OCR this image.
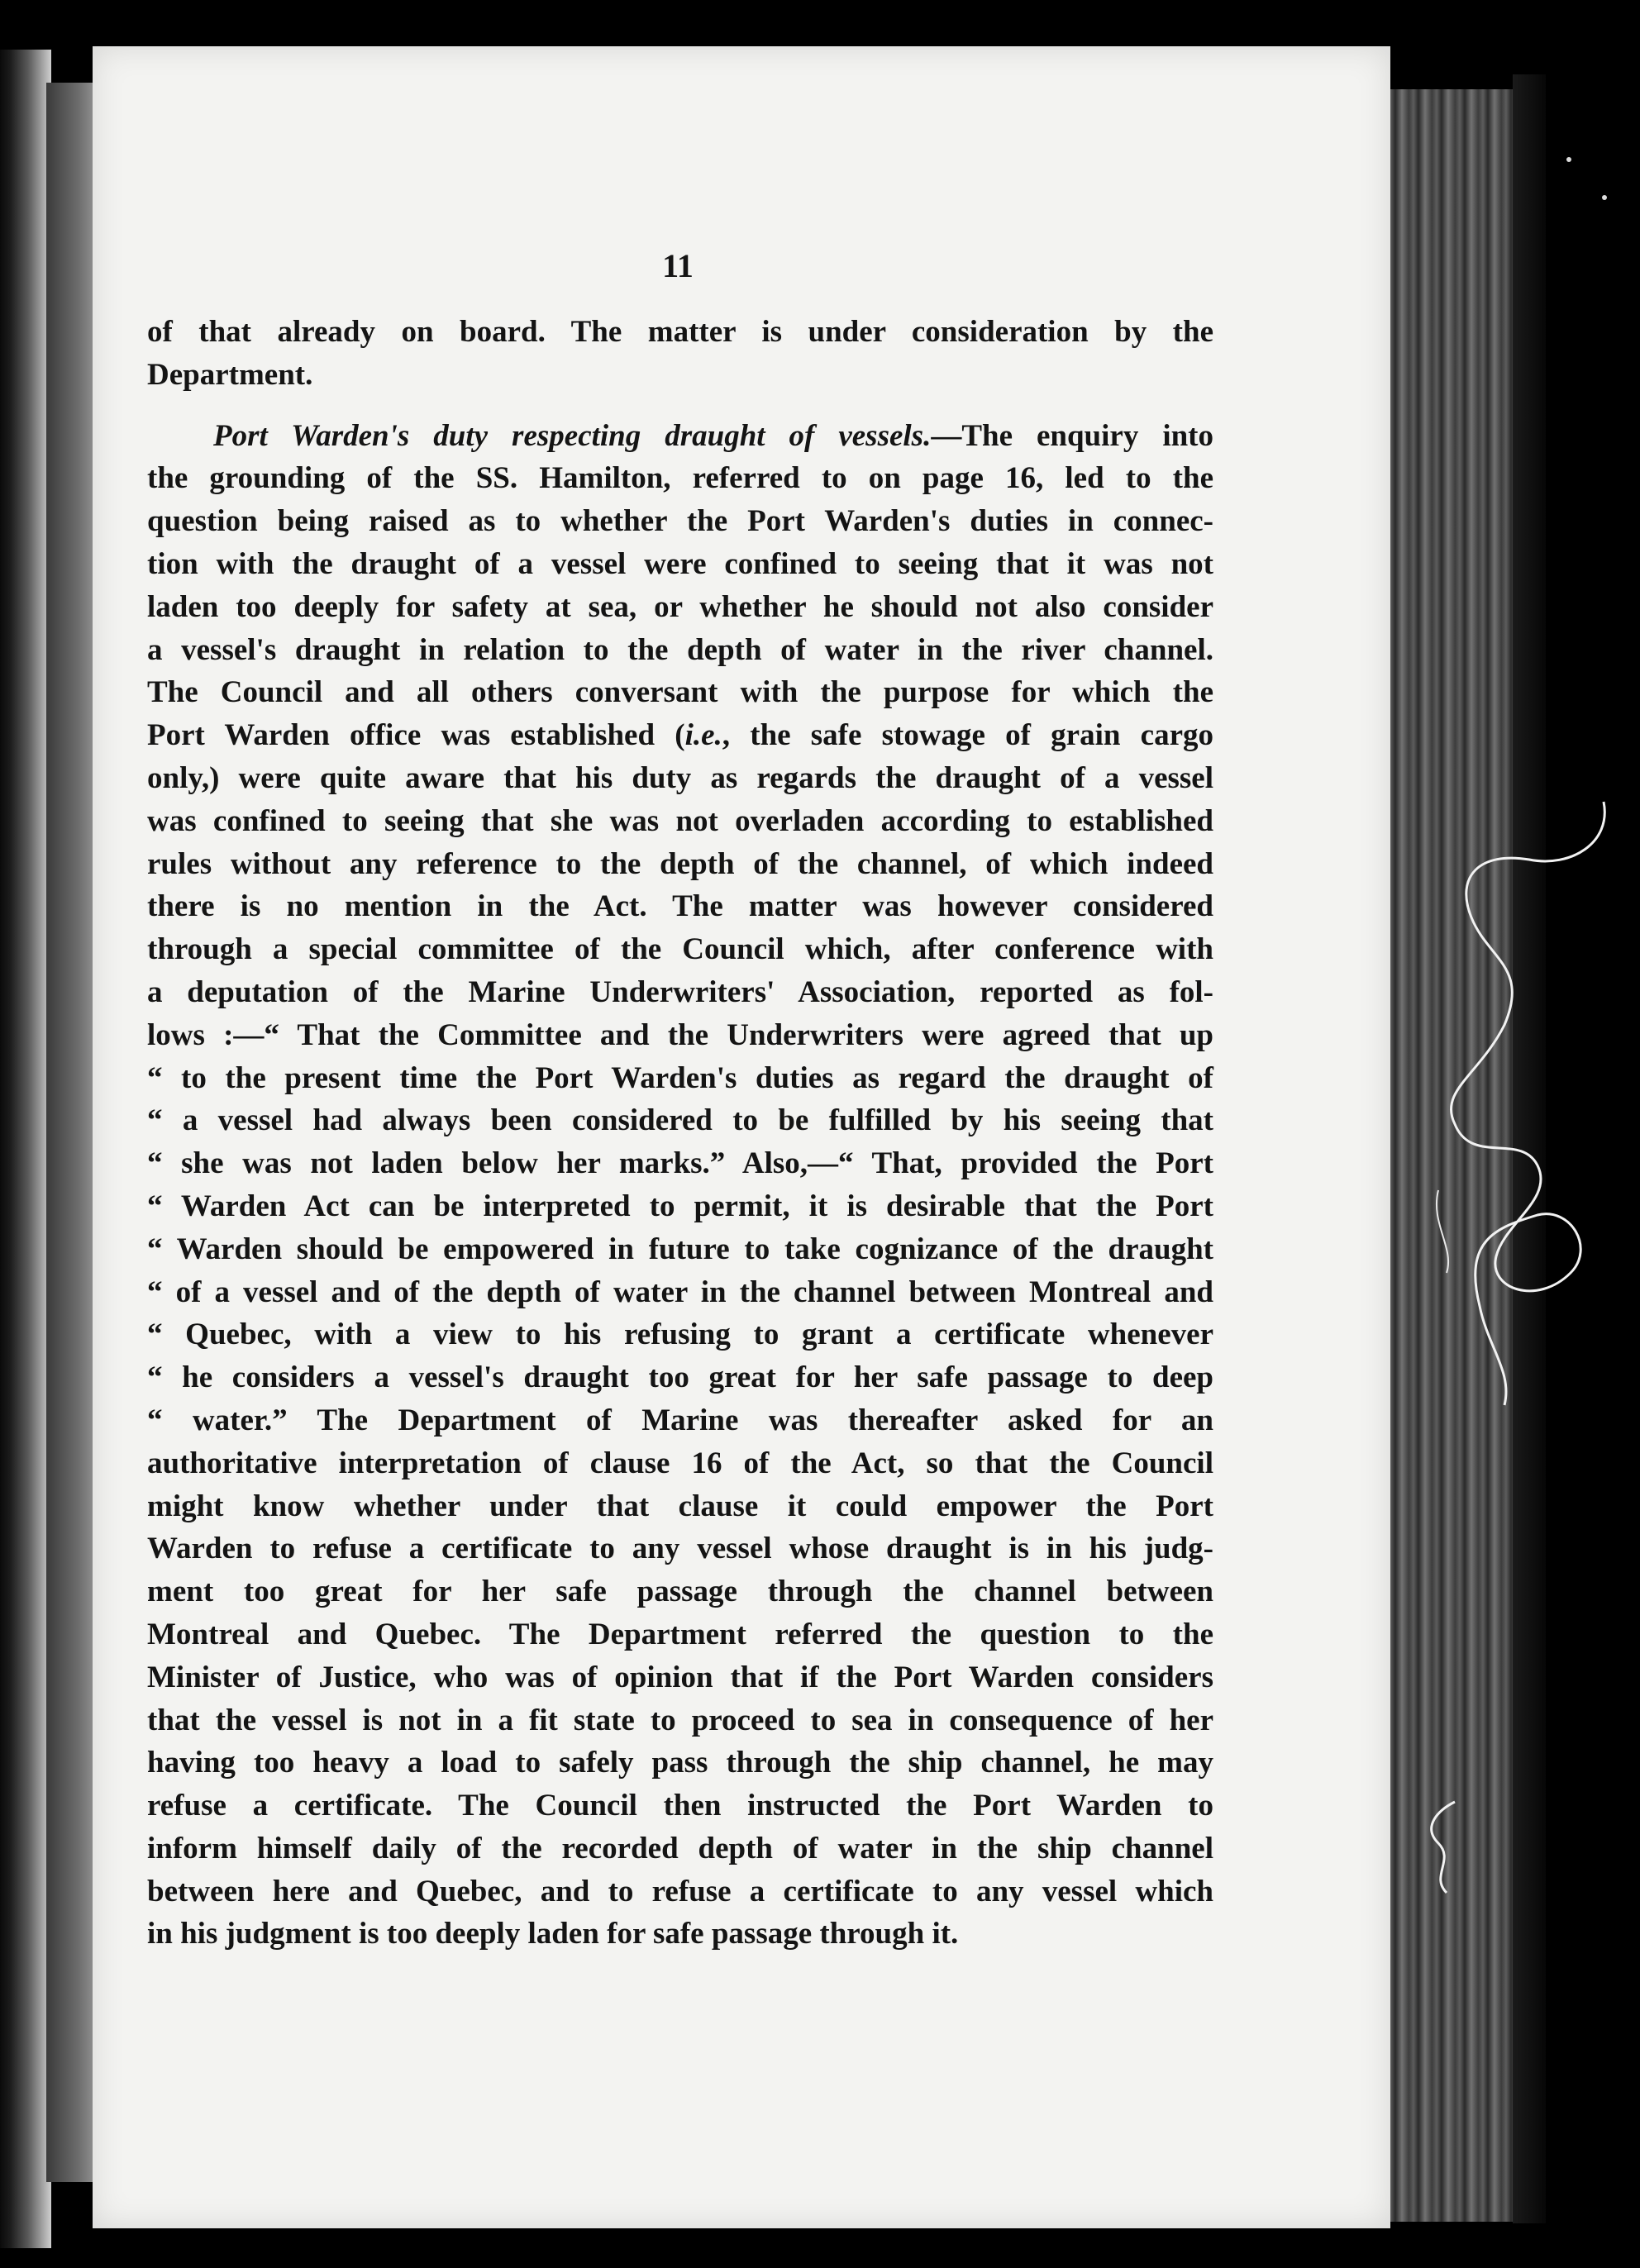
11
of that already on board. The matter is under consideration by the
Department.
Port Warden's duty respecting draught of vessels.—The enquiry into
the grounding of the SS. Hamilton, referred to on page 16, led to the
question being raised as to whether the Port Warden's duties in connec-
tion with the draught of a vessel were confined to seeing that it was not
laden too deeply for safety at sea, or whether he should not also consider
a vessel's draught in relation to the depth of water in the river channel.
The Council and all others conversant with the purpose for which the
Port Warden office was established (i.e., the safe stowage of grain cargo
only,) were quite aware that his duty as regards the draught of a vessel
was confined to seeing that she was not overladen according to established
rules without any reference to the depth of the channel, of which indeed
there is no mention in the Act. The matter was however considered
through a special committee of the Council which, after conference with
a deputation of the Marine Underwriters' Association, reported as fol-
lows :—“ That the Committee and the Underwriters were agreed that up
“ to the present time the Port Warden's duties as regard the draught of
“ a vessel had always been considered to be fulfilled by his seeing that
“ she was not laden below her marks.” Also,—“ That, provided the Port
“ Warden Act can be interpreted to permit, it is desirable that the Port
“ Warden should be empowered in future to take cognizance of the draught
“ of a vessel and of the depth of water in the channel between Montreal and
“ Quebec, with a view to his refusing to grant a certificate whenever
“ he considers a vessel's draught too great for her safe passage to deep
“ water.” The Department of Marine was thereafter asked for an
authoritative interpretation of clause 16 of the Act, so that the Council
might know whether under that clause it could empower the Port
Warden to refuse a certificate to any vessel whose draught is in his judg-
ment too great for her safe passage through the channel between
Montreal and Quebec. The Department referred the question to the
Minister of Justice, who was of opinion that if the Port Warden considers
that the vessel is not in a fit state to proceed to sea in consequence of her
having too heavy a load to safely pass through the ship channel, he may
refuse a certificate. The Council then instructed the Port Warden to
inform himself daily of the recorded depth of water in the ship channel
between here and Quebec, and to refuse a certificate to any vessel which
in his judgment is too deeply laden for safe passage through it.
